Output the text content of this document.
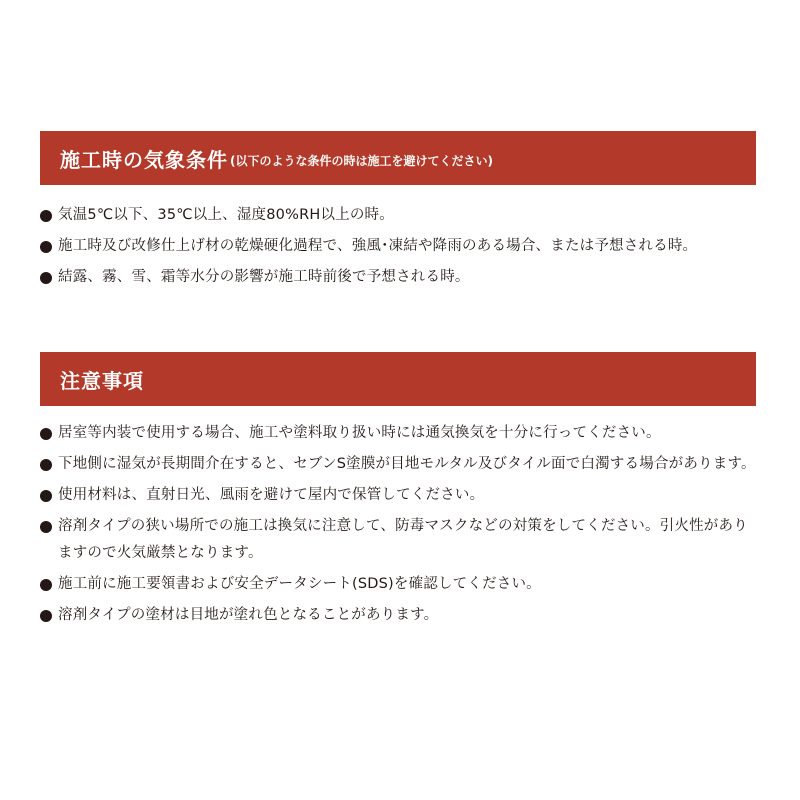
施工時の気象条件 (以下のような条件の時は施工を避けてください)
気温5℃以下、35℃以上、湿度80%RH以上の時。
施工時及び改修仕上げ材の乾燥硬化過程で、強風･凍結や降雨のある場合、または予想される時。
結露、霧、雪、霜等水分の影響が施工時前後で予想される時。
注意事項
居室等内装で使用する場合、施工や塗料取り扱い時には通気換気を十分に行ってください。
下地側に湿気が長期間介在すると、セブンS塗膜が目地モルタル及びタイル面で白濁する場合があります。
使用材料は、直射日光、風雨を避けて屋内で保管してください。
溶剤タイプの狭い場所での施工は換気に注意して、防毒マスクなどの対策をしてください。引火性がありますので火気厳禁となります。
施工前に施工要領書および安全データシート(SDS)を確認してください。
溶剤タイプの塗材は目地が塗れ色となることがあります。
